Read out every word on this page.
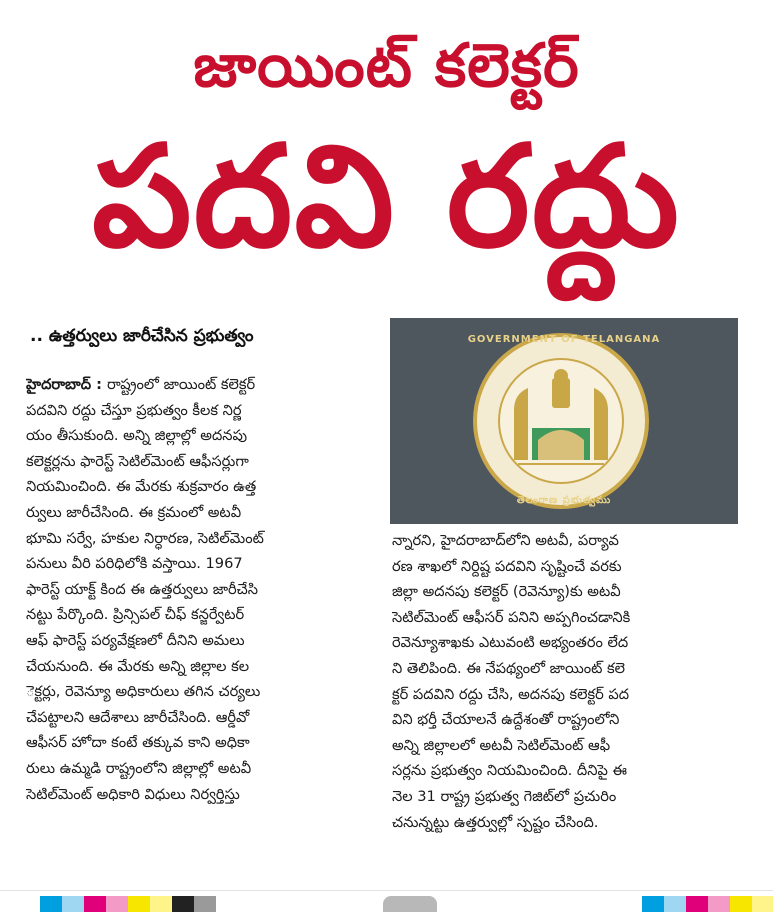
జాయింట్ కలెక్టర్
పదవి రద్దు
.. ఉత్తర్వులు జారీచేసిన ప్రభుత్వం
హైదరాబాద్ : రాష్ట్రంలో జాయింట్ కలెక్టర్
పదవిని రద్దు చేస్తూ ప్రభుత్వం కీలక నిర్ణ
యం తీసుకుంది. అన్ని జిల్లాల్లో అదనపు
కలెక్టర్లను ఫారెస్ట్ సెటిల్‌మెంట్ ఆఫీసర్లుగా
నియమించింది. ఈ మేరకు శుక్రవారం ఉత్త
ర్వులు జారీచేసింది. ఈ క్రమంలో అటవీ
భూమి సర్వే, హకుల నిర్ధారణ, సెటిల్‌మెంట్
పనులు వీరి పరిధిలోకి వస్తాయి. 1967
ఫారెస్ట్ యాక్ట్ కింద ఈ ఉత్తర్వులు జారీచేసి
నట్టు పేర్కొంది. ప్రిన్సిపల్ చీఫ్ కన్జర్వేటర్
ఆఫ్ ఫారెస్ట్ పర్యవేక్షణలో దీనిని అమలు
చేయనుంది. ఈ మేరకు అన్ని జిల్లాల కల
ెక్టర్లు, రెవెన్యూ అధికారులు తగిన చర్యలు
చేపట్టాలని ఆదేశాలు జారీచేసింది. ఆర్డీవో
ఆఫీసర్ హోదా కంటే తక్కువ కాని అధికా
రులు ఉమ్మడి రాష్ట్రంలోని జిల్లాల్లో అటవీ
సెటిల్‌మెంట్ అధికారి విధులు నిర్వర్తిస్తు
GOVERNMENT OF TELANGANA
తెలంగాణ ప్రభుత్వము
న్నారని, హైదరాబాద్‌లోని అటవీ, పర్యావ
రణ శాఖలో నిర్దిష్ట పదవిని సృష్టించే వరకు
జిల్లా అదనపు కలెక్టర్ (రెవెన్యూ)కు అటవీ
సెటిల్‌మెంట్ ఆఫీసర్ పనిని అప్పగించడానికి
రెవెన్యూశాఖకు ఎటువంటి అభ్యంతరం లేద
ని తెలిపింది. ఈ నేపథ్యంలో జాయింట్ కలె
క్టర్ పదవిని రద్దు చేసి, అదనపు కలెక్టర్ పద
విని భర్తీ చేయాలనే ఉద్దేశంతో రాష్ట్రంలోని
అన్ని జిల్లాలలో అటవీ సెటిల్‌మెంట్ ఆఫీ
సర్లను ప్రభుత్వం నియమించింది. దీనిపై ఈ
నెల 31 రాష్ట్ర ప్రభుత్వ గెజిట్‌లో ప్రచురిం
చనున్నట్టు ఉత్తర్వుల్లో స్పష్టం చేసింది.
